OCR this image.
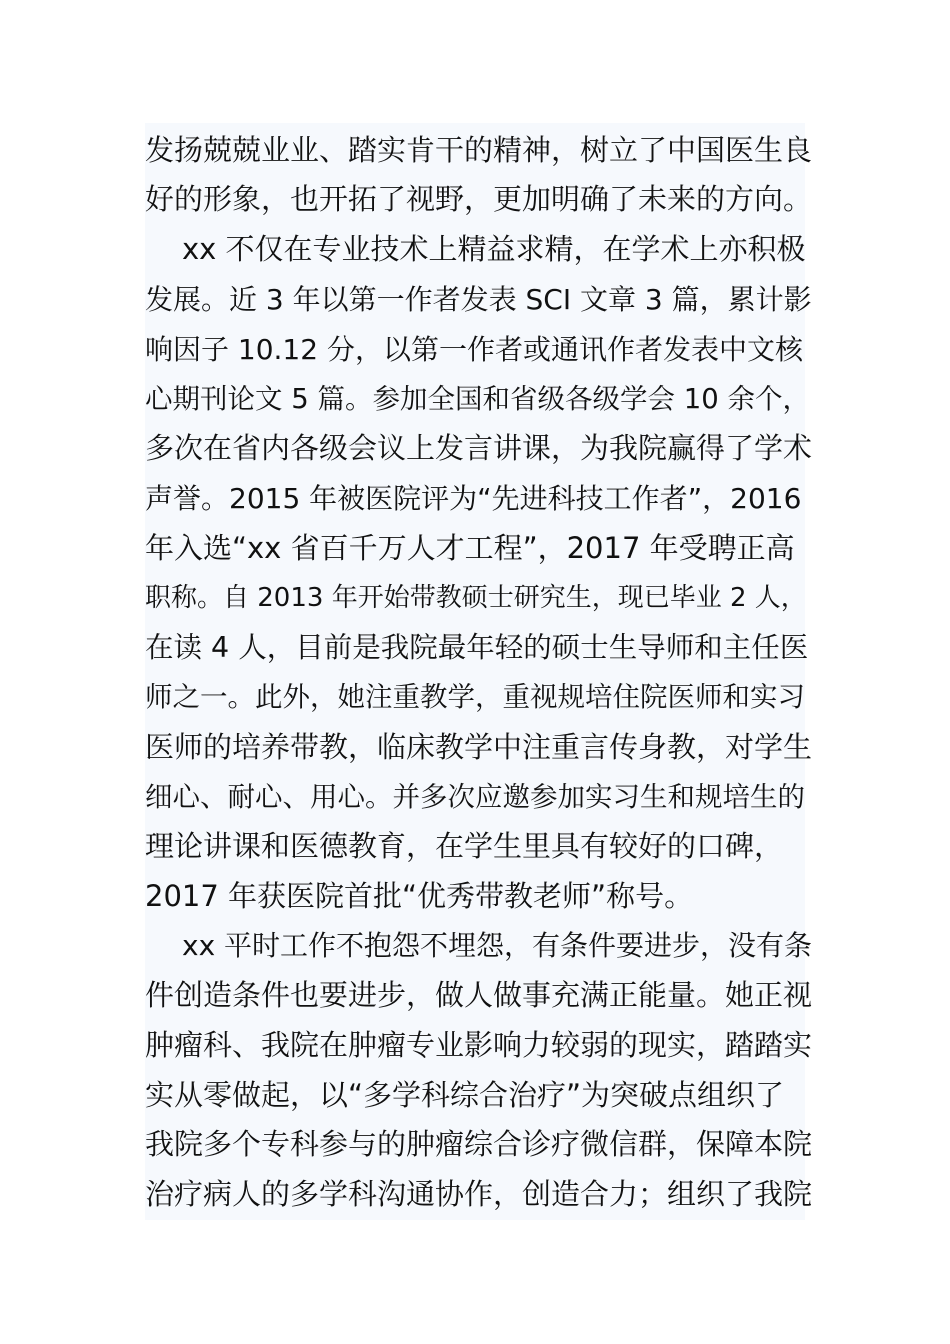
发扬兢兢业业、踏实肯干的精神，树立了中国医生良
好的形象，也开拓了视野，更加明确了未来的方向。
xx 不仅在专业技术上精益求精，在学术上亦积极
发展。近 3 年以第一作者发表 SCI 文章 3 篇，累计影
响因子 10.12 分，以第一作者或通讯作者发表中文核
心期刊论文 5 篇。参加全国和省级各级学会 10 余个，
多次在省内各级会议上发言讲课，为我院赢得了学术
声誉。2015 年被医院评为“先进科技工作者”，2016
年入选“xx 省百千万人才工程”，2017 年受聘正高
职称。自 2013 年开始带教硕士研究生，现已毕业 2 人，
在读 4 人，目前是我院最年轻的硕士生导师和主任医
师之一。此外，她注重教学，重视规培住院医师和实习
医师的培养带教，临床教学中注重言传身教，对学生
细心、耐心、用心。并多次应邀参加实习生和规培生的
理论讲课和医德教育，在学生里具有较好的口碑，
2017 年获医院首批“优秀带教老师”称号。
xx 平时工作不抱怨不埋怨，有条件要进步，没有条
件创造条件也要进步，做人做事充满正能量。她正视
肿瘤科、我院在肿瘤专业影响力较弱的现实，踏踏实
实从零做起，以“多学科综合治疗”为突破点组织了
我院多个专科参与的肿瘤综合诊疗微信群，保障本院
治疗病人的多学科沟通协作，创造合力；组织了我院
